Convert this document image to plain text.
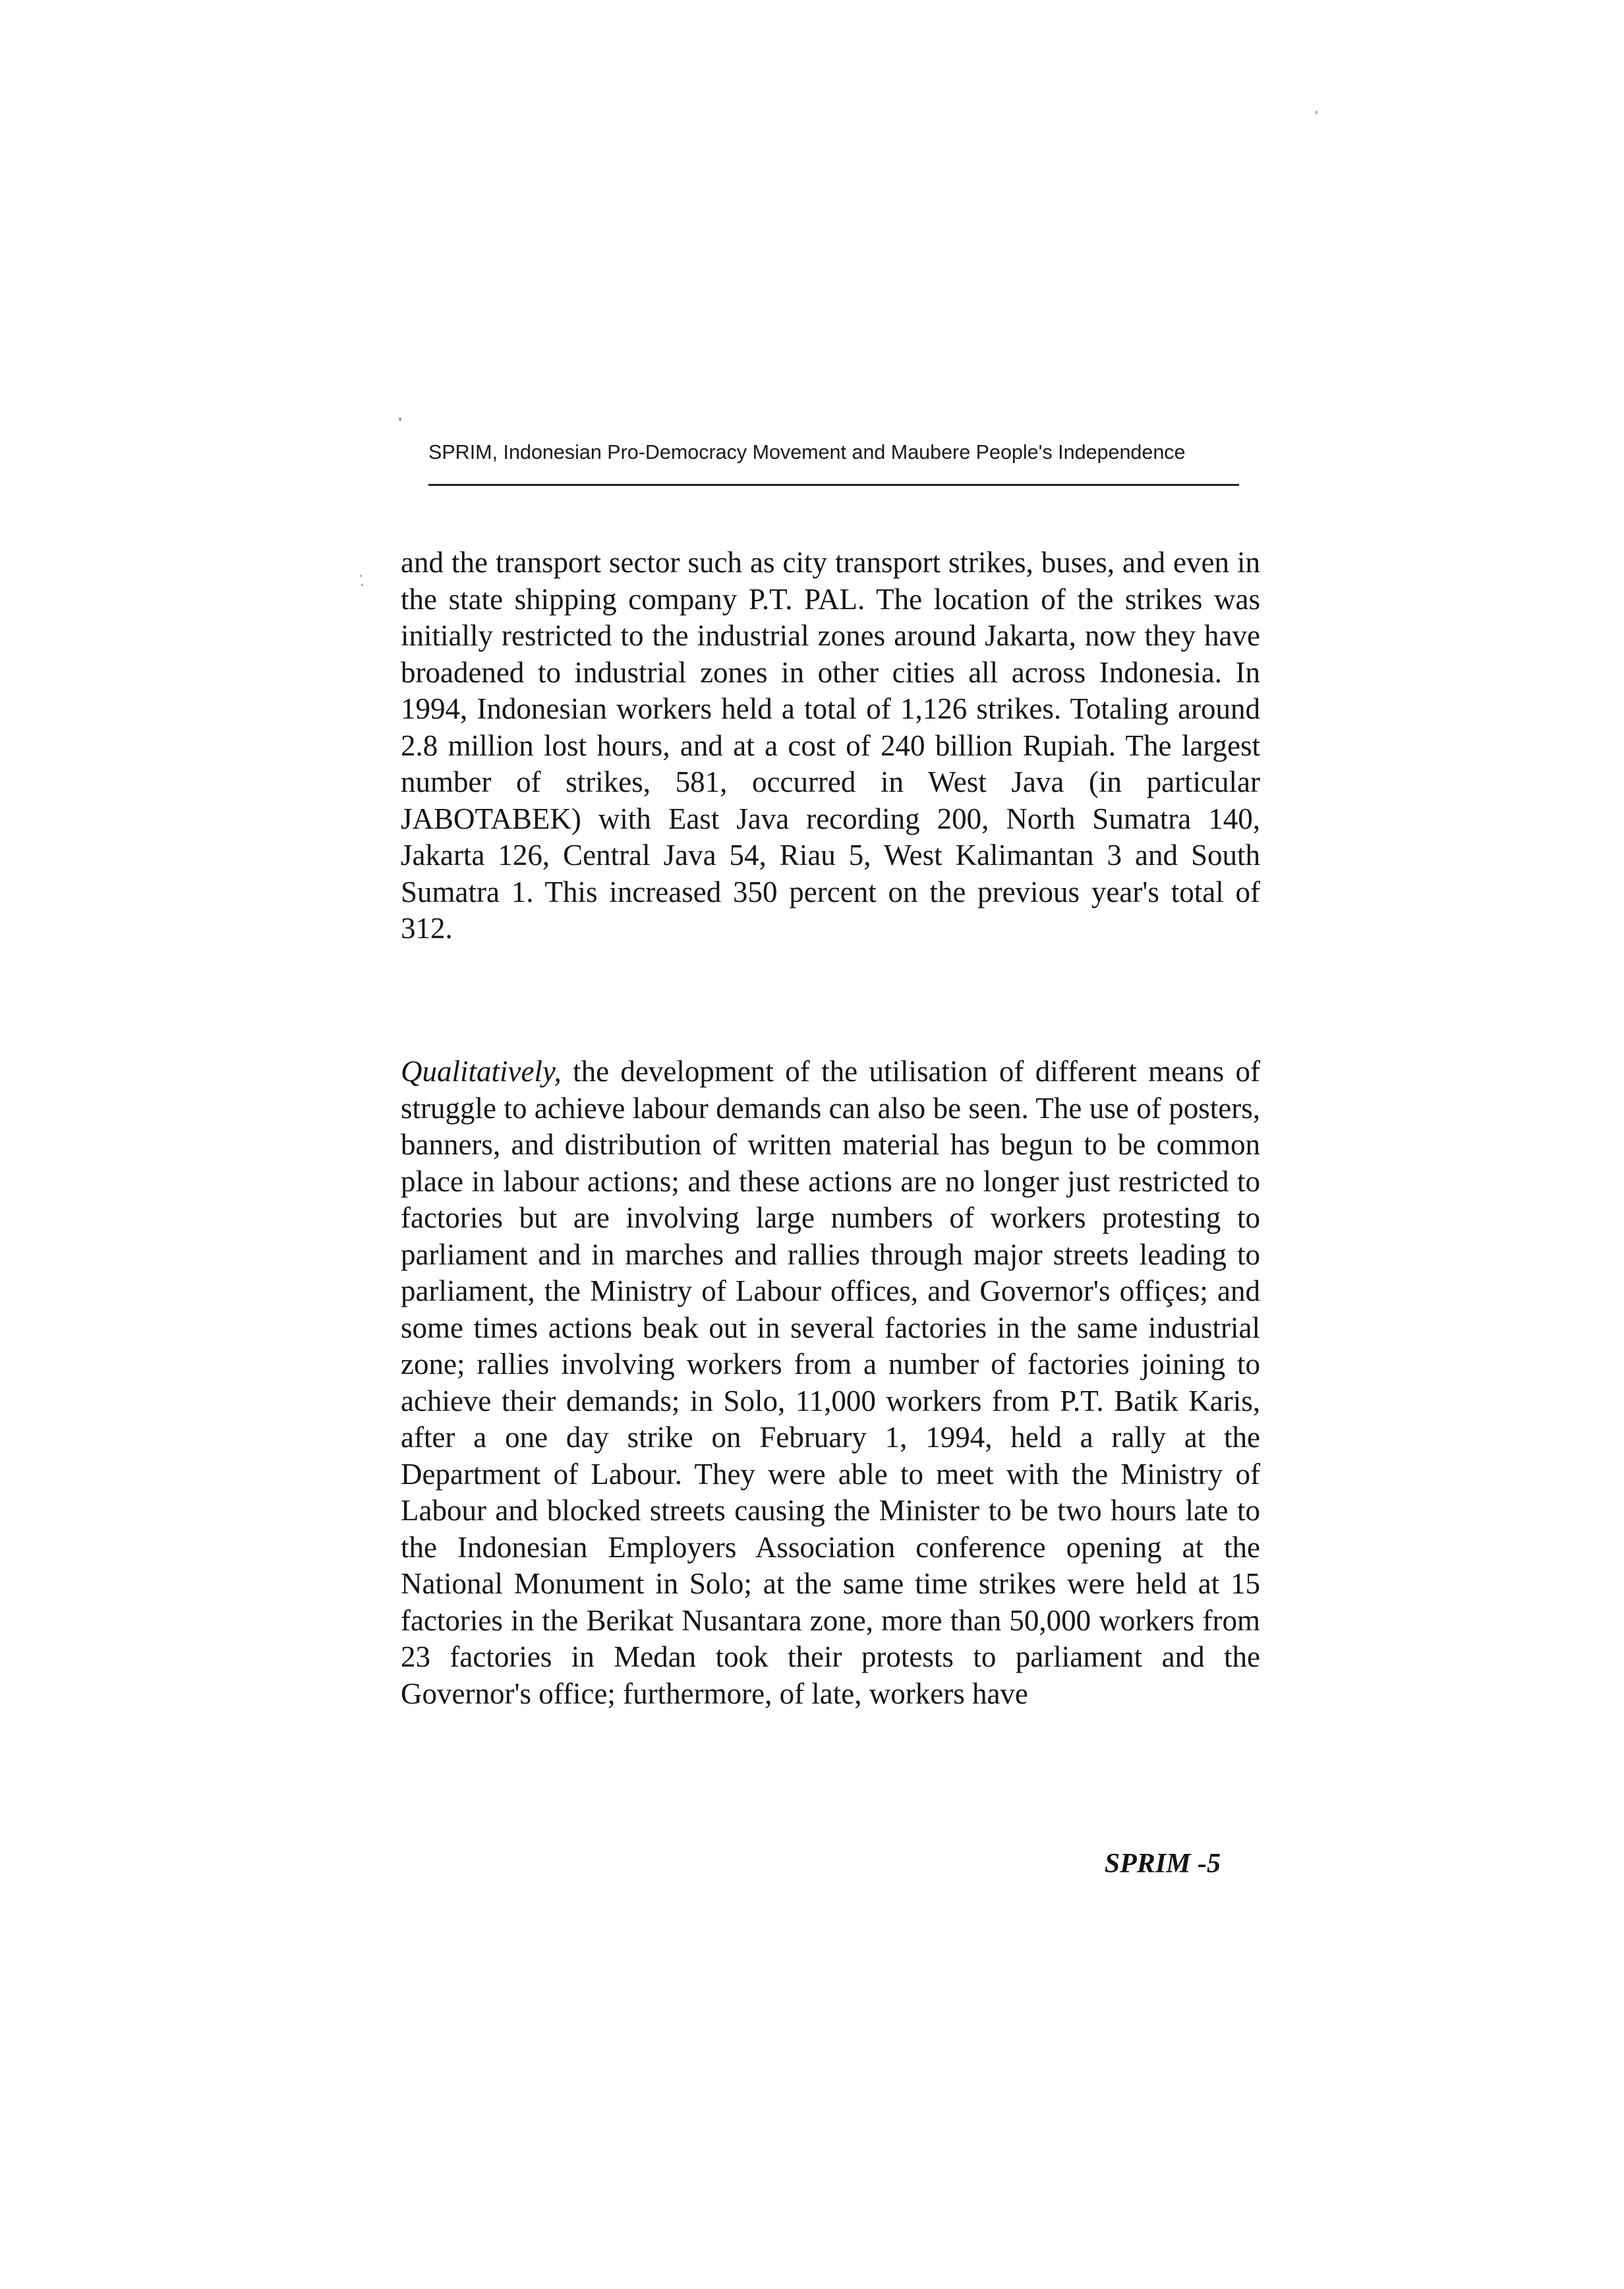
SPRIM, Indonesian Pro-Democracy Movement and Maubere People's Independence

and the transport sector such as city transport strikes, buses, and even in the state shipping company P.T. PAL. The location of the strikes was initially restricted to the industrial zones around Jakarta, now they have broadened to industrial zones in other cities all across Indonesia. In 1994, Indonesian workers held a total of 1,126 strikes. Totaling around 2.8 million lost hours, and at a cost of 240 billion Rupiah. The largest number of strikes, 581, occurred in West Java (in particular JABOTABEK) with East Java recording 200, North Sumatra 140, Jakarta 126, Central Java 54, Riau 5, West Kalimantan 3 and South Sumatra 1. This increased 350 percent on the previous year's total of 312.

Qualitatively, the development of the utilisation of different means of struggle to achieve labour demands can also be seen. The use of posters, banners, and distribution of written material has begun to be common place in labour actions; and these actions are no longer just restricted to factories but are involving large numbers of workers protesting to parliament and in marches and rallies through major streets leading to parliament, the Ministry of Labour offices, and Governor's offiçes; and some times actions beak out in several factories in the same industrial zone; rallies involving workers from a number of factories joining to achieve their demands; in Solo, 11,000 workers from P.T. Batik Karis, after a one day strike on February 1, 1994, held a rally at the Department of Labour. They were able to meet with the Ministry of Labour and blocked streets causing the Minister to be two hours late to the Indonesian Employers Association conference opening at the National Monument in Solo; at the same time strikes were held at 15 factories in the Berikat Nusantara zone, more than 50,000 workers from 23 factories in Medan took their protests to parliament and the Governor's office; furthermore, of late, workers have

SPRIM -5
